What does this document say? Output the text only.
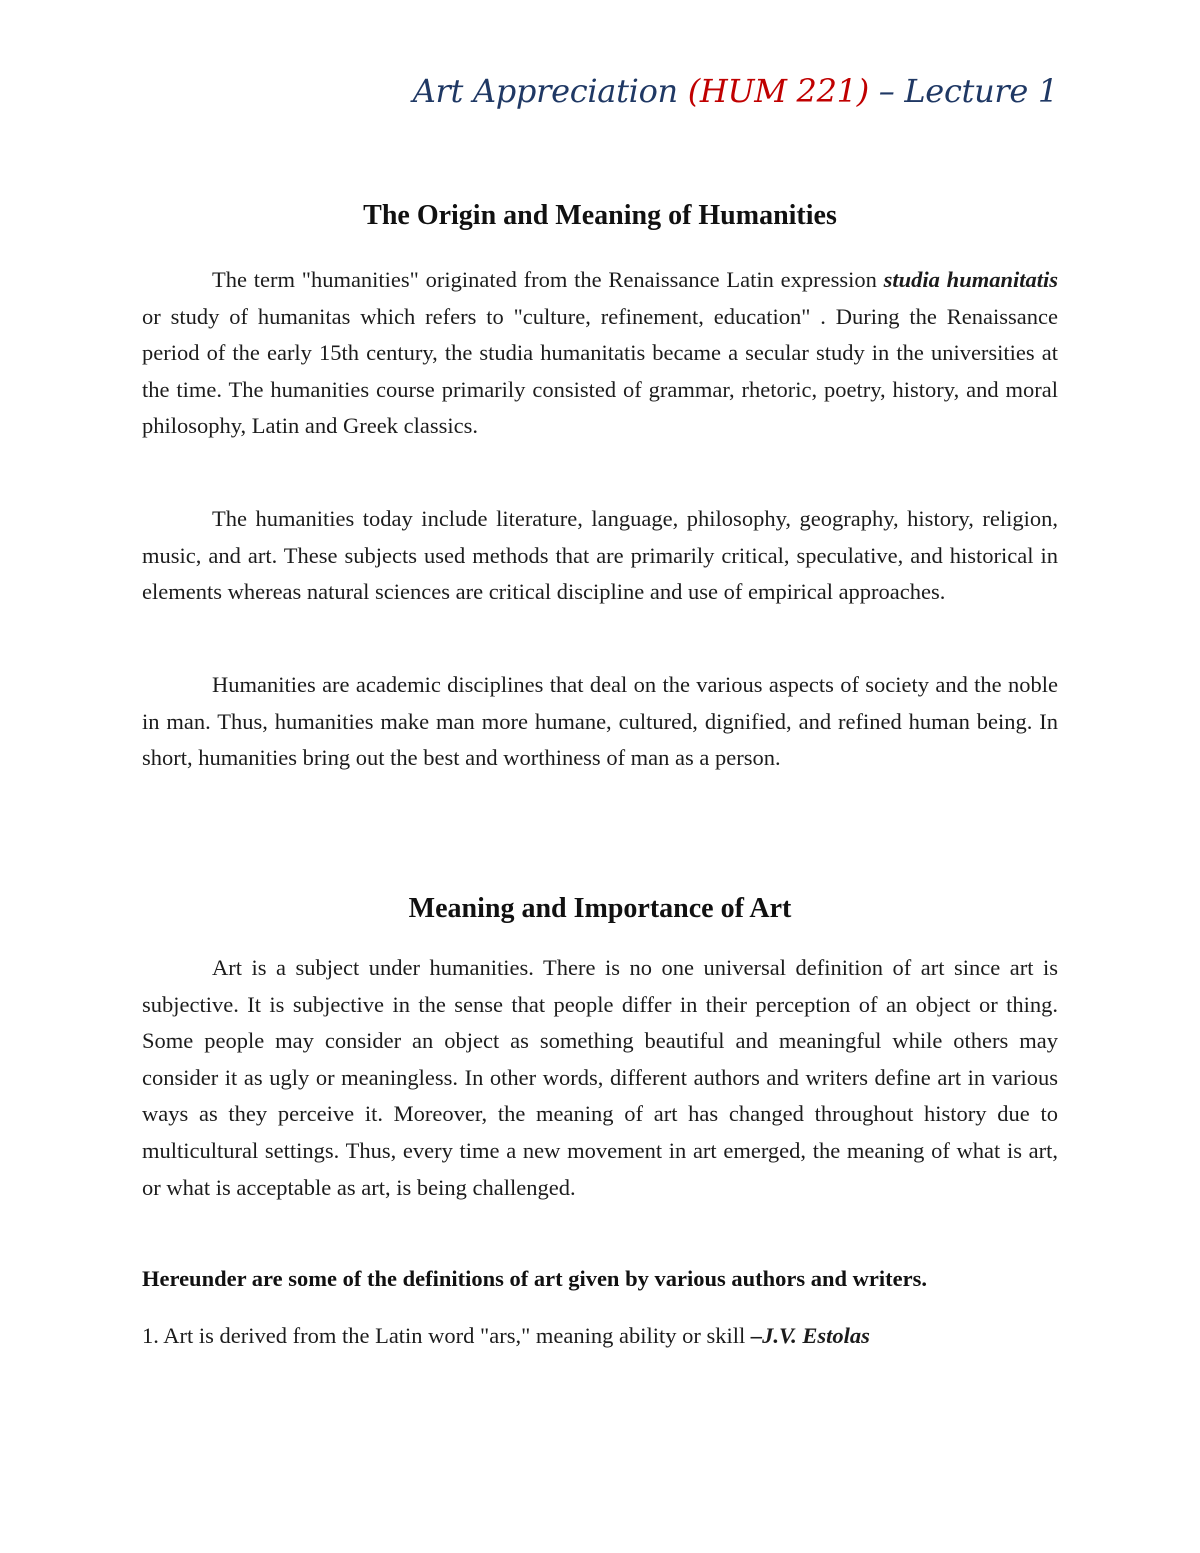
Art Appreciation (HUM 221) – Lecture 1
The Origin and Meaning of Humanities

The term "humanities" originated from the Renaissance Latin expression studia humanitatis or study of humanitas which refers to "culture, refinement, education" . During the Renaissance period of the early 15th century, the studia humanitatis became a secular study in the universities at the time. The humanities course primarily consisted of grammar, rhetoric, poetry, history, and moral philosophy, Latin and Greek classics.

The humanities today include literature, language, philosophy, geography, history, religion, music, and art. These subjects used methods that are primarily critical, speculative, and historical in elements whereas natural sciences are critical discipline and use of empirical approaches.

Humanities are academic disciplines that deal on the various aspects of society and the noble in man. Thus, humanities make man more humane, cultured, dignified, and refined human being. In short, humanities bring out the best and worthiness of man as a person.

Meaning and Importance of Art

Art is a subject under humanities. There is no one universal definition of art since art is subjective. It is subjective in the sense that people differ in their perception of an object or thing. Some people may consider an object as something beautiful and meaningful while others may consider it as ugly or meaningless. In other words, different authors and writers define art in various ways as they perceive it. Moreover, the meaning of art has changed throughout history due to multicultural settings. Thus, every time a new movement in art emerged, the meaning of what is art, or what is acceptable as art, is being challenged.

Hereunder are some of the definitions of art given by various authors and writers.

1. Art is derived from the Latin word "ars," meaning ability or skill –J.V. Estolas
